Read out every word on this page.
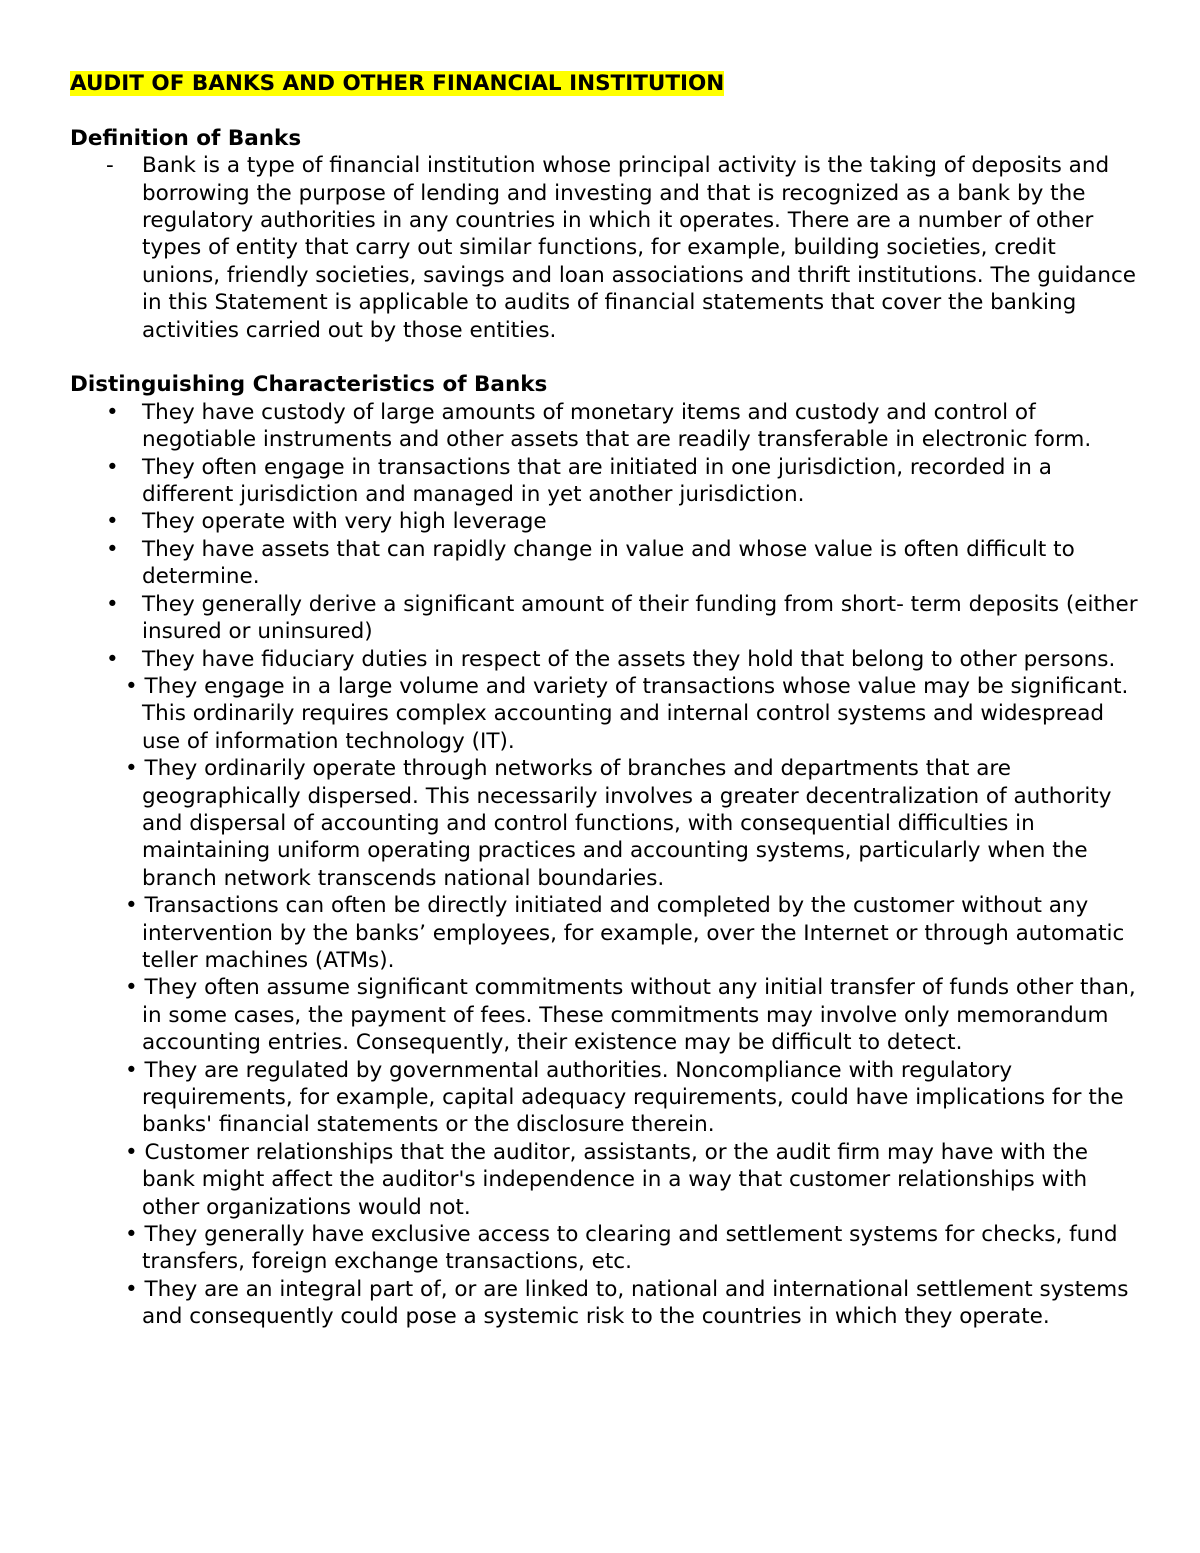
AUDIT OF BANKS AND OTHER FINANCIAL INSTITUTION

Definition of Banks

- Bank is a type of financial institution whose principal activity is the taking of deposits and borrowing the purpose of lending and investing and that is recognized as a bank by the regulatory authorities in any countries in which it operates. There are a number of other types of entity that carry out similar functions, for example, building societies, credit unions, friendly societies, savings and loan associations and thrift institutions. The guidance in this Statement is applicable to audits of financial statements that cover the banking activities carried out by those entities.

Distinguishing Characteristics of Banks

• They have custody of large amounts of monetary items and custody and control of negotiable instruments and other assets that are readily transferable in electronic form.
• They often engage in transactions that are initiated in one jurisdiction, recorded in a different jurisdiction and managed in yet another jurisdiction.
• They operate with very high leverage
• They have assets that can rapidly change in value and whose value is often difficult to determine.
• They generally derive a significant amount of their funding from short- term deposits (either insured or uninsured)
• They have fiduciary duties in respect of the assets they hold that belong to other persons.
• They engage in a large volume and variety of transactions whose value may be significant. This ordinarily requires complex accounting and internal control systems and widespread use of information technology (IT).
• They ordinarily operate through networks of branches and departments that are geographically dispersed. This necessarily involves a greater decentralization of authority and dispersal of accounting and control functions, with consequential difficulties in maintaining uniform operating practices and accounting systems, particularly when the branch network transcends national boundaries.
• Transactions can often be directly initiated and completed by the customer without any intervention by the banks’ employees, for example, over the Internet or through automatic teller machines (ATMs).
• They often assume significant commitments without any initial transfer of funds other than, in some cases, the payment of fees. These commitments may involve only memorandum accounting entries. Consequently, their existence may be difficult to detect.
• They are regulated by governmental authorities. Noncompliance with regulatory requirements, for example, capital adequacy requirements, could have implications for the banks' financial statements or the disclosure therein.
• Customer relationships that the auditor, assistants, or the audit firm may have with the bank might affect the auditor's independence in a way that customer relationships with other organizations would not.
• They generally have exclusive access to clearing and settlement systems for checks, fund transfers, foreign exchange transactions, etc.
• They are an integral part of, or are linked to, national and international settlement systems and consequently could pose a systemic risk to the countries in which they operate.
